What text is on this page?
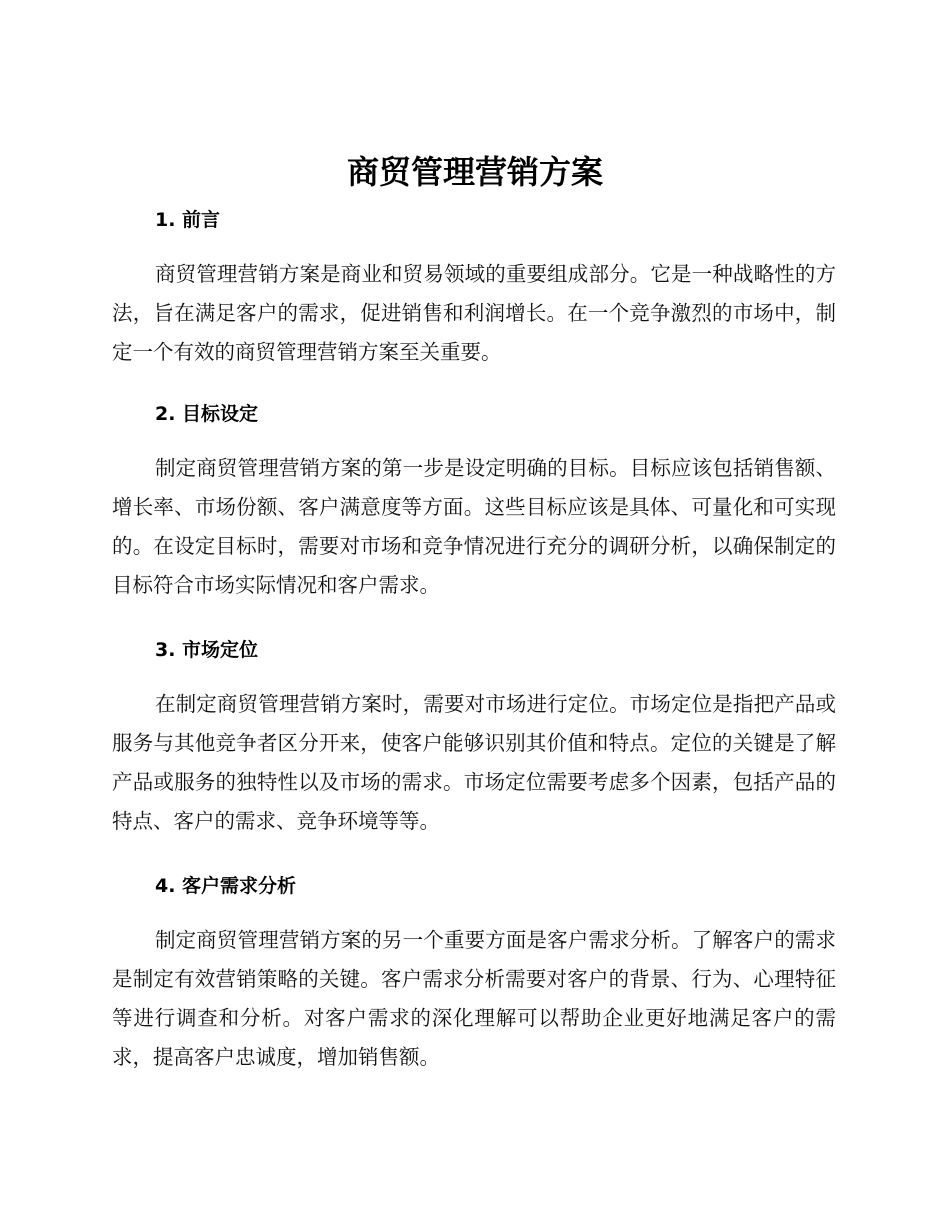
商贸管理营销方案
1. 前言

商贸管理营销方案是商业和贸易领域的重要组成部分。它是一种战略性的方法，旨在满足客户的需求，促进销售和利润增长。在一个竞争激烈的市场中，制定一个有效的商贸管理营销方案至关重要。

2. 目标设定

制定商贸管理营销方案的第一步是设定明确的目标。目标应该包括销售额、增长率、市场份额、客户满意度等方面。这些目标应该是具体、可量化和可实现的。在设定目标时，需要对市场和竞争情况进行充分的调研分析，以确保制定的目标符合市场实际情况和客户需求。

3. 市场定位

在制定商贸管理营销方案时，需要对市场进行定位。市场定位是指把产品或服务与其他竞争者区分开来，使客户能够识别其价值和特点。定位的关键是了解产品或服务的独特性以及市场的需求。市场定位需要考虑多个因素，包括产品的特点、客户的需求、竞争环境等等。

4. 客户需求分析

制定商贸管理营销方案的另一个重要方面是客户需求分析。了解客户的需求是制定有效营销策略的关键。客户需求分析需要对客户的背景、行为、心理特征等进行调查和分析。对客户需求的深化理解可以帮助企业更好地满足客户的需求，提高客户忠诚度，增加销售额。
